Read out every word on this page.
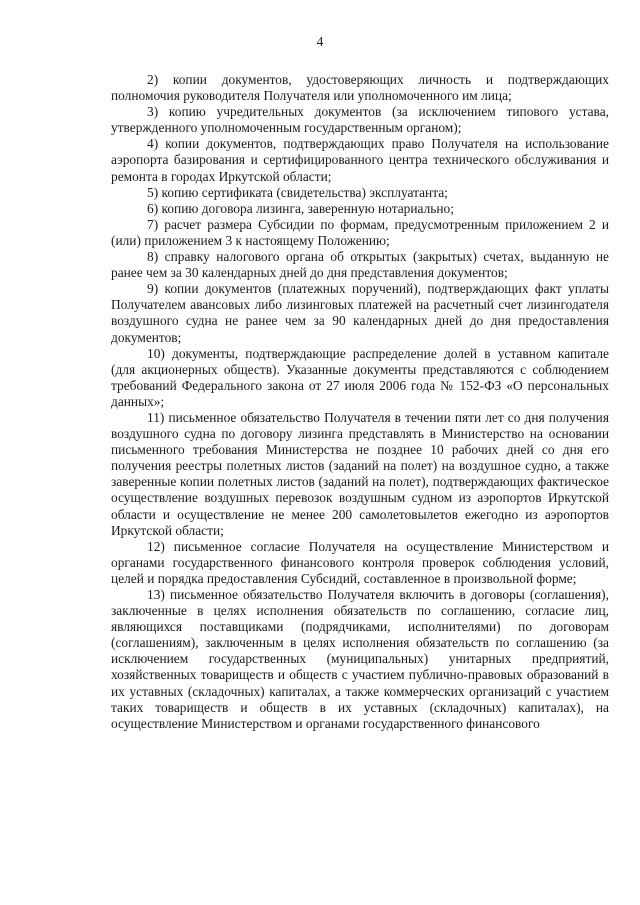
4

2) копии документов, удостоверяющих личность и подтверждающих полномочия руководителя Получателя или уполномоченного им лица;

3) копию учредительных документов (за исключением типового устава, утвержденного уполномоченным государственным органом);

4) копии документов, подтверждающих право Получателя на использование аэропорта базирования и сертифицированного центра технического обслуживания и ремонта в городах Иркутской области;

5) копию сертификата (свидетельства) эксплуатанта;

6) копию договора лизинга, заверенную нотариально;

7) расчет размера Субсидии по формам, предусмотренным приложением 2 и (или) приложением 3 к настоящему Положению;

8) справку налогового органа об открытых (закрытых) счетах, выданную не ранее чем за 30 календарных дней до дня представления документов;

9) копии документов (платежных поручений), подтверждающих факт уплаты Получателем авансовых либо лизинговых платежей на расчетный счет лизингодателя воздушного судна не ранее чем за 90 календарных дней до дня предоставления документов;

10) документы, подтверждающие распределение долей в уставном капитале (для акционерных обществ). Указанные документы представляются с соблюдением требований Федерального закона от 27 июля 2006 года № 152-ФЗ «О персональных данных»;

11) письменное обязательство Получателя в течении пяти лет со дня получения воздушного судна по договору лизинга представлять в Министерство на основании письменного требования Министерства не позднее 10 рабочих дней со дня его получения реестры полетных листов (заданий на полет) на воздушное судно, а также заверенные копии полетных листов (заданий на полет), подтверждающих фактическое осуществление воздушных перевозок воздушным судном из аэропортов Иркутской области и осуществление не менее 200 самолетовылетов ежегодно из аэропортов Иркутской области;

12) письменное согласие Получателя на осуществление Министерством и органами государственного финансового контроля проверок соблюдения условий, целей и порядка предоставления Субсидий, составленное в произвольной форме;

13) письменное обязательство Получателя включить в договоры (соглашения), заключенные в целях исполнения обязательств по соглашению, согласие лиц, являющихся поставщиками (подрядчиками, исполнителями) по договорам (соглашениям), заключенным в целях исполнения обязательств по соглашению (за исключением государственных (муниципальных) унитарных предприятий, хозяйственных товариществ и обществ с участием публично-правовых образований в их уставных (складочных) капиталах, а также коммерческих организаций с участием таких товариществ и обществ в их уставных (складочных) капиталах), на осуществление Министерством и органами государственного финансового
